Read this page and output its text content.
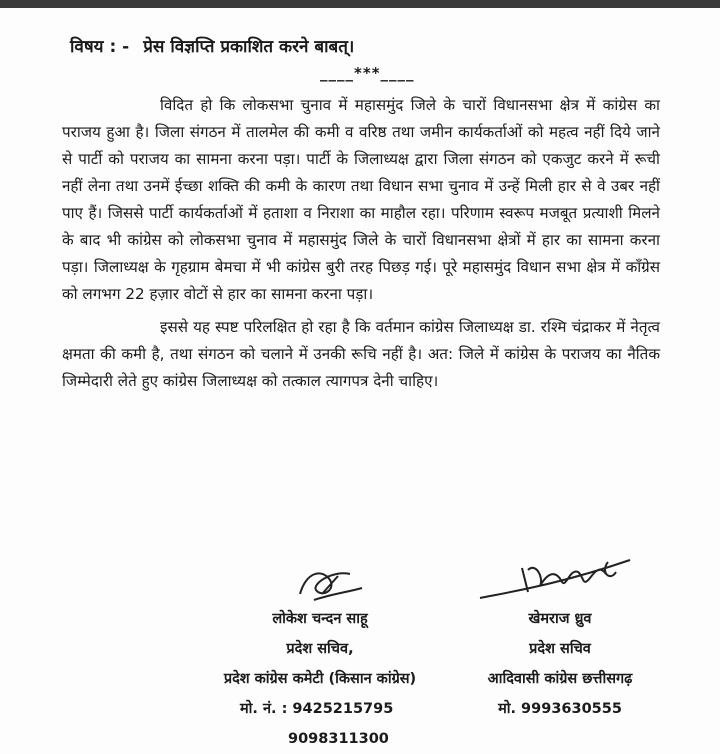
विषय : - प्रेस विज्ञप्ति प्रकाशित करने बाबत्।
____***____

विदित हो कि लोकसभा चुनाव में महासमुंद जिले के चारों विधानसभा क्षेत्र में कांग्रेस का पराजय हुआ है। जिला संगठन में तालमेल की कमी व वरिष्ठ तथा जमीन कार्यकर्ताओं को महत्व नहीं दिये जाने से पार्टी को पराजय का सामना करना पड़ा। पार्टी के जिलाध्यक्ष द्वारा जिला संगठन को एकजुट करने में रूची नहीं लेना तथा उनमें ईच्छा शक्ति की कमी के कारण तथा विधान सभा चुनाव में उन्हें मिली हार से वे उबर नहीं पाए हैं। जिससे पार्टी कार्यकर्ताओं में हताशा व निराशा का माहाैल रहा। परिणाम स्वरूप मजबूत प्रत्याशी मिलने के बाद भी कांग्रेस को लोकसभा चुनाव में महासमुंद जिले के चारों विधानसभा क्षेत्रों में हार का सामना करना पड़ा। जिलाध्यक्ष के गृहग्राम बेमचा में भी कांग्रेस बुरी तरह पिछड़ गई। पूरे महासमुंद विधान सभा क्षेत्र में काँग्रेस को लगभग 22 हज़ार वोटों से हार का सामना करना पड़ा।

इससे यह स्पष्ट परिलक्षित हो रहा है कि वर्तमान कांग्रेस जिलाध्यक्ष डा. रश्मि चंद्राकर में नेतृत्व क्षमता की कमी है, तथा संगठन को चलाने में उनकी रूचि नहीं है। अत: जिले में कांग्रेस के पराजय का नैतिक जिम्मेदारी लेते हुए कांग्रेस जिलाध्यक्ष को तत्काल त्यागपत्र देनी चाहिए।

लोकेश चन्दन साहू
प्रदेश सचिव,
प्रदेश कांग्रेस कमेटी (किसान कांग्रेस)
मो. नं. : 9425215795
9098311300
खेमराज ध्रुव
प्रदेश सचिव
आदिवासी कांग्रेस छत्तीसगढ़
मो. 9993630555
